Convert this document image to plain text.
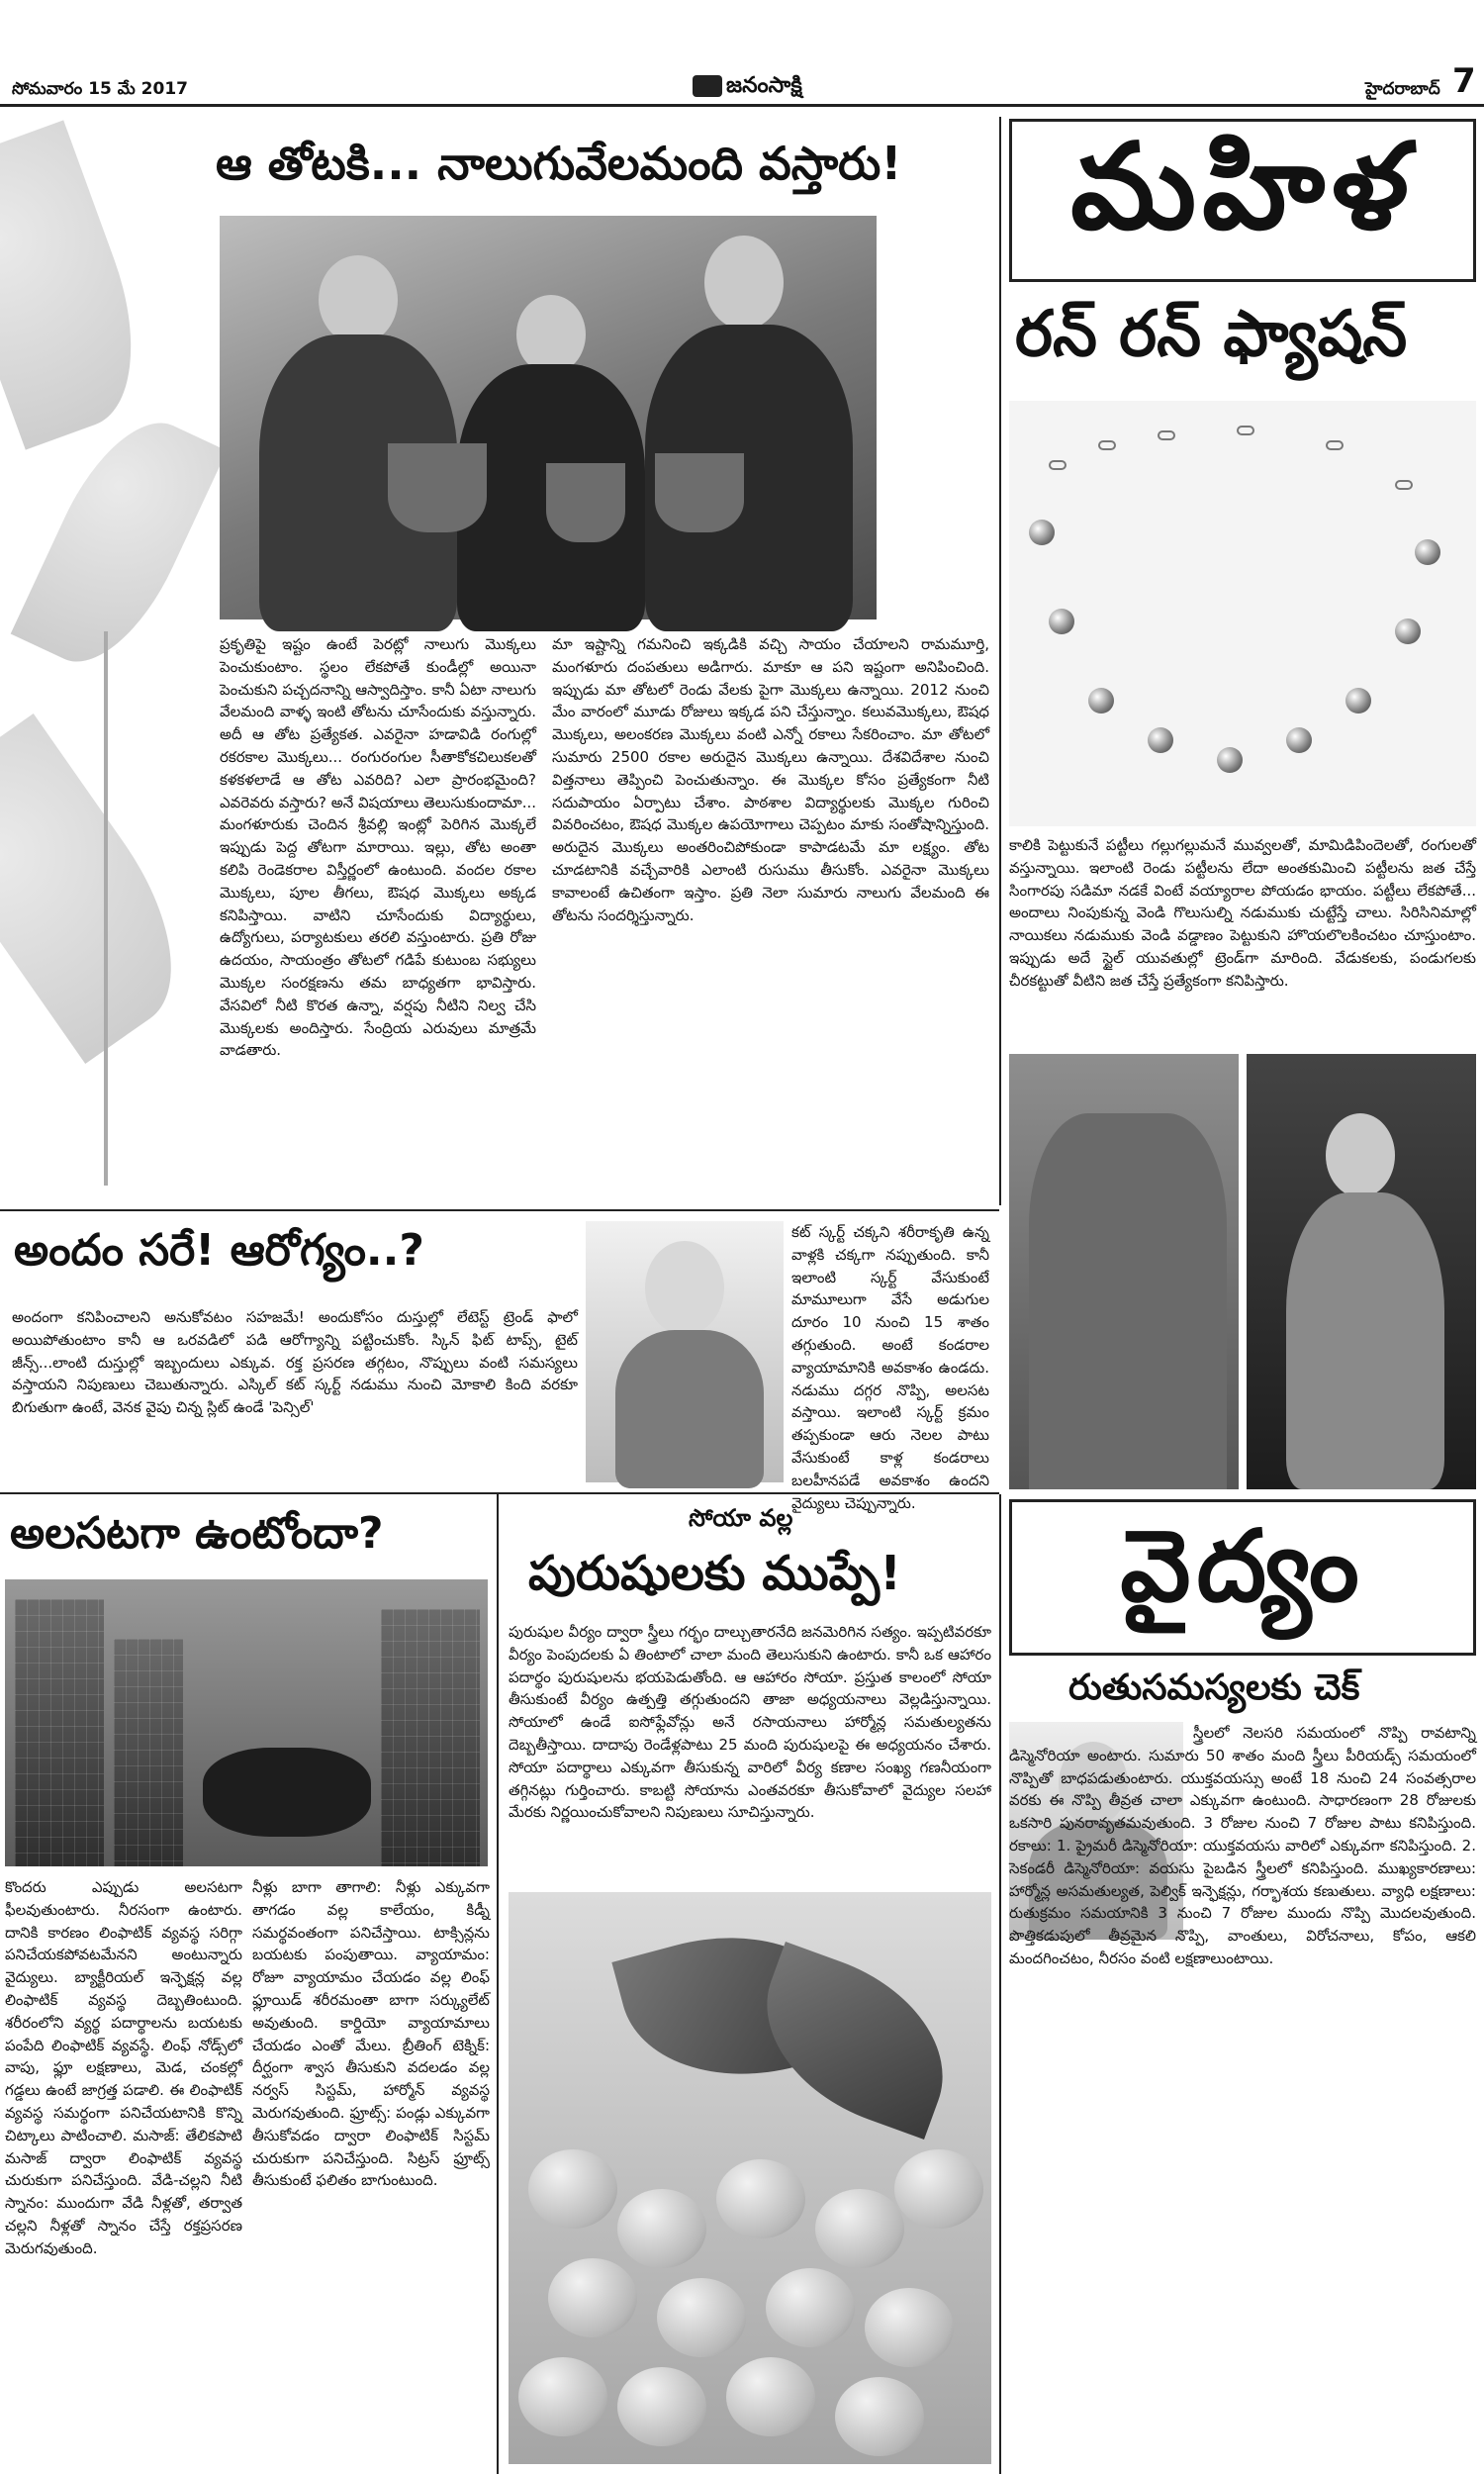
సోమవారం 15 మే 2017	జనంసాక్షి	హైదరాబాద్ 7
ఆ తోటకి... నాలుగువేలమంది వస్తారు!
ప్రకృతిపై ఇష్టం ఉంటే పెరట్లో నాలుగు మొక్కలు పెంచుకుంటాం. స్థలం లేకపోతే కుండీల్లో అయినా పెంచుకుని పచ్చదనాన్ని ఆస్వాదిస్తాం. కానీ ఏటా నాలుగు వేలమంది వాళ్ళ ఇంటి తోటను చూసేందుకు వస్తున్నారు. అదీ ఆ తోట ప్రత్యేకత. ఎవరైనా హడావిడి రంగుల్లో రకరకాల మొక్కలు... రంగురంగుల సీతాకోకచిలుకలతో కళకళలాడే ఆ తోట ఎవరిది? ఎలా ప్రారంభమైంది? ఎవరెవరు వస్తారు? అనే విషయాలు తెలుసుకుందామా... మంగళూరుకు చెందిన శ్రీవల్లి ఇంట్లో పెరిగిన మొక్కలే ఇప్పుడు పెద్ద తోటగా మారాయి. ఇల్లు, తోట అంతా కలిపి రెండెకరాల విస్తీర్ణంలో ఉంటుంది. వందల రకాల మొక్కలు, పూల తీగలు, ఔషధ మొక్కలు అక్కడ కనిపిస్తాయి. వాటిని చూసేందుకు విద్యార్థులు, ఉద్యోగులు, పర్యాటకులు తరలి వస్తుంటారు. ప్రతి రోజు ఉదయం, సాయంత్రం తోటలో గడిపే కుటుంబ సభ్యులు మొక్కల సంరక్షణను తమ బాధ్యతగా భావిస్తారు. వేసవిలో నీటి కొరత ఉన్నా, వర్షపు నీటిని నిల్వ చేసి మొక్కలకు అందిస్తారు. సేంద్రియ ఎరువులు మాత్రమే వాడతారు.
మా ఇష్టాన్ని గమనించి ఇక్కడికి వచ్చి సాయం చేయాలని రామమూర్తి, మంగళూరు దంపతులు అడిగారు. మాకూ ఆ పని ఇష్టంగా అనిపించింది. ఇప్పుడు మా తోటలో రెండు వేలకు పైగా మొక్కలు ఉన్నాయి. 2012 నుంచి మేం వారంలో మూడు రోజులు ఇక్కడ పని చేస్తున్నాం. కలువమొక్కలు, ఔషధ మొక్కలు, అలంకరణ మొక్కలు వంటి ఎన్నో రకాలు సేకరించాం. మా తోటలో సుమారు 2500 రకాల అరుదైన మొక్కలు ఉన్నాయి. దేశవిదేశాల నుంచి విత్తనాలు తెప్పించి పెంచుతున్నాం. ఈ మొక్కల కోసం ప్రత్యేకంగా నీటి సదుపాయం ఏర్పాటు చేశాం. పాఠశాల విద్యార్థులకు మొక్కల గురించి వివరించటం, ఔషధ మొక్కల ఉపయోగాలు చెప్పటం మాకు సంతోషాన్నిస్తుంది. అరుదైన మొక్కలు అంతరించిపోకుండా కాపాడటమే మా లక్ష్యం. తోట చూడటానికి వచ్చేవారికి ఎలాంటి రుసుము తీసుకోం. ఎవరైనా మొక్కలు కావాలంటే ఉచితంగా ఇస్తాం. ప్రతి నెలా సుమారు నాలుగు వేలమంది ఈ తోటను సందర్శిస్తున్నారు.
మహిళ
రన్ రన్ ఫ్యాషన్
కాలికి పెట్టుకునే పట్టీలు గల్లుగల్లుమనే మువ్వలతో, మామిడిపిందెలతో, రంగులతో వస్తున్నాయి. ఇలాంటి రెండు పట్టీలను లేదా అంతకుమించి పట్టీలను జత చేస్తే సింగారపు సడిమా నడకే వింటే వయ్యారాల పోయడం భాయం. పట్టీలు లేకపోతే... అందాలు నింపుకున్న వెండి గొలుసుల్ని నడుముకు చుట్టేస్తే చాలు. సిరిసినిమాల్లో నాయికలు నడుముకు వెండి వడ్డాణం పెట్టుకుని హొయలొలకించటం చూస్తుంటాం. ఇప్పుడు అదే స్టైల్ యువతుల్లో ట్రెండ్‌గా మారింది. వేడుకలకు, పండుగలకు చీరకట్టుతో వీటిని జత చేస్తే ప్రత్యేకంగా కనిపిస్తారు.
అందం సరే! ఆరోగ్యం..?
అందంగా కనిపించాలని అనుకోవటం సహజమే! అందుకోసం దుస్తుల్లో లేటెస్ట్ ట్రెండ్ ఫాలో అయిపోతుంటాం కానీ ఆ ఒరవడిలో పడి ఆరోగ్యాన్ని పట్టించుకోం. స్కిన్ ఫిట్ టాప్స్, టైట్ జీన్స్...లాంటి దుస్తుల్లో ఇబ్బందులు ఎక్కువ. రక్త ప్రసరణ తగ్గటం, నొప్పులు వంటి సమస్యలు వస్తాయని నిపుణులు చెబుతున్నారు. ఎస్కిల్ కట్ స్కర్ట్ నడుము నుంచి మోకాలి కింది వరకూ బిగుతుగా ఉంటే, వెనక వైపు చిన్న స్లిట్ ఉండే 'పెన్సిల్'
కట్ స్కర్ట్ చక్కని శరీరాకృతి ఉన్న వాళ్లకి చక్కగా నప్పుతుంది. కానీ ఇలాంటి స్కర్ట్ వేసుకుంటే మామూలుగా వేసే అడుగుల దూరం 10 నుంచి 15 శాతం తగ్గుతుంది. అంటే కండరాల వ్యాయామానికి అవకాశం ఉండదు. నడుము దగ్గర నొప్పి, అలసట వస్తాయి. ఇలాంటి స్కర్ట్ క్రమం తప్పకుండా ఆరు నెలల పాటు వేసుకుంటే కాళ్ల కండరాలు బలహీనపడే అవకాశం ఉందని వైద్యులు చెప్పున్నారు.
అలసటగా ఉంటోందా?
కొందరు ఎప్పుడు అలసటగా ఫీలవుతుంటారు. నీరసంగా ఉంటారు. దానికి కారణం లింఫాటిక్ వ్యవస్థ సరిగ్గా పనిచేయకపోవటమేనని అంటున్నారు వైద్యులు. బ్యాక్టీరియల్ ఇన్ఫెక్షన్ల వల్ల లింఫాటిక్ వ్యవస్థ దెబ్బతింటుంది. శరీరంలోని వ్యర్థ పదార్థాలను బయటకు పంపేది లింఫాటిక్ వ్యవస్థే. లింఫ్ నోడ్స్‌లో వాపు, ఫ్లూ లక్షణాలు, మెడ, చంకల్లో గడ్డలు ఉంటే జాగ్రత్త పడాలి. ఈ లింఫాటిక్ వ్యవస్థ సమర్థంగా పనిచేయటానికి కొన్ని చిట్కాలు పాటించాలి. మసాజ్: తేలికపాటి మసాజ్ ద్వారా లింఫాటిక్ వ్యవస్థ చురుకుగా పనిచేస్తుంది. వేడి-చల్లని నీటి స్నానం: ముందుగా వేడి నీళ్లతో, తర్వాత చల్లని నీళ్లతో స్నానం చేస్తే రక్తప్రసరణ మెరుగవుతుంది.
నీళ్లు బాగా తాగాలి: నీళ్లు ఎక్కువగా తాగడం వల్ల కాలేయం, కిడ్నీ సమర్థవంతంగా పనిచేస్తాయి. టాక్సిన్లను బయటకు పంపుతాయి. వ్యాయామం: రోజూ వ్యాయామం చేయడం వల్ల లింఫ్ ఫ్లూయిడ్ శరీరమంతా బాగా సర్క్యులేట్ అవుతుంది. కార్డియో వ్యాయామాలు చేయడం ఎంతో మేలు. బ్రీతింగ్ టెక్నిక్: దీర్ఘంగా శ్వాస తీసుకుని వదలడం వల్ల నర్వస్ సిస్టమ్, హార్మోన్ వ్యవస్థ మెరుగవుతుంది. ఫ్రూట్స్: పండ్లు ఎక్కువగా తీసుకోవడం ద్వారా లింఫాటిక్ సిస్టమ్ చురుకుగా పనిచేస్తుంది. సిట్రస్ ఫ్రూట్స్ తీసుకుంటే ఫలితం బాగుంటుంది.
సోయా వల్ల
పురుషులకు ముప్పే!
పురుషుల వీర్యం ద్వారా స్త్రీలు గర్భం దాల్చుతారనేది జనమెరిగిన సత్యం. ఇప్పటివరకూ వీర్యం పెంపుదలకు ఏ తింటాలో చాలా మంది తెలుసుకుని ఉంటారు. కానీ ఒక ఆహారం పదార్థం పురుషులను భయపెడుతోంది. ఆ ఆహారం సోయా. ప్రస్తుత కాలంలో సోయా తీసుకుంటే వీర్యం ఉత్పత్తి తగ్గుతుందని తాజా అధ్యయనాలు వెల్లడిస్తున్నాయి. సోయాలో ఉండే ఐసోఫ్లేవోన్లు అనే రసాయనాలు హార్మోన్ల సమతుల్యతను దెబ్బతీస్తాయి. దాదాపు రెండేళ్లపాటు 25 మంది పురుషులపై ఈ అధ్యయనం చేశారు. సోయా పదార్థాలు ఎక్కువగా తీసుకున్న వారిలో వీర్య కణాల సంఖ్య గణనీయంగా తగ్గినట్లు గుర్తించారు. కాబట్టి సోయాను ఎంతవరకూ తీసుకోవాలో వైద్యుల సలహా మేరకు నిర్ణయించుకోవాలని నిపుణులు సూచిస్తున్నారు.
వైద్యం
రుతుసమస్యలకు చెక్
స్త్రీలలో నెలసరి సమయంలో నొప్పి రావటాన్ని డిస్మెనోరియా అంటారు. సుమారు 50 శాతం మంది స్త్రీలు పీరియడ్స్ సమయంలో నొప్పితో బాధపడుతుంటారు. యుక్తవయస్సు అంటే 18 నుంచి 24 సంవత్సరాల వరకు ఈ నొప్పి తీవ్రత చాలా ఎక్కువగా ఉంటుంది. సాధారణంగా 28 రోజులకు ఒకసారి పునరావృతమవుతుంది. 3 రోజుల నుంచి 7 రోజుల పాటు కనిపిస్తుంది. రకాలు: 1. ప్రైమరీ డిస్మెనోరియా: యుక్తవయసు వారిలో ఎక్కువగా కనిపిస్తుంది. 2. సెకండరీ డిస్మెనోరియా: వయసు పైబడిన స్త్రీలలో కనిపిస్తుంది. ముఖ్యకారణాలు: హార్మోన్ల అసమతుల్యత, పెల్విక్ ఇన్ఫెక్షన్లు, గర్భాశయ కణుతులు. వ్యాధి లక్షణాలు: రుతుక్రమం సమయానికి 3 నుంచి 7 రోజుల ముందు నొప్పి మొదలవుతుంది. పొత్తికడుపులో తీవ్రమైన నొప్పి, వాంతులు, విరోచనాలు, కోపం, ఆకలి మందగించటం, నీరసం వంటి లక్షణాలుంటాయి.
